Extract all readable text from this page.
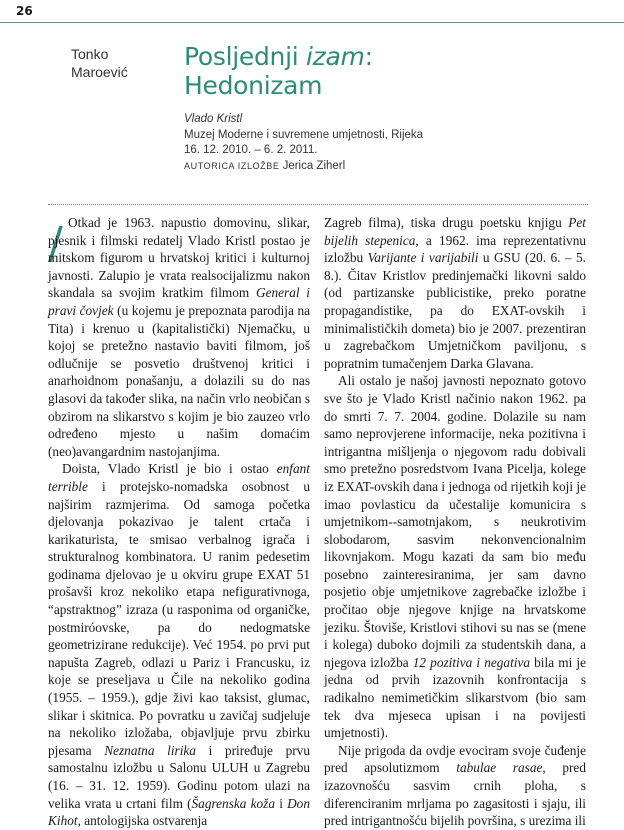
26
Tonko
Maroević
Posljednji izam:
Hedonizam
Vlado Kristl
Muzej Moderne i suvremene umjetnosti, Rijeka
16. 12. 2010. – 6. 2. 2011.
AUTORICA IZLOŽBE Jerica Ziherl
/ Otkad je 1963. napustio domovinu, slikar, pjesnik i filmski redatelj Vlado Kristl postao je mitskom figurom u hrvatskoj kritici i kulturnoj javnosti. Zalupio je vrata realsocijalizmu nakon skandala sa svojim kratkim filmom General i pravi čovjek (u kojemu je prepoznata parodija na Tita) i krenuo u (kapitalistički) Njemačku, u kojoj se pretežno nastavio baviti filmom, još odlučnije se posvetio društvenoj kritici i anarhoidnom ponašanju, a dolazili su do nas glasovi da također slika, na način vrlo neobičan s obzirom na slikarstvo s kojim je bio zauzeo vrlo određeno mjesto u našim domaćim (neo)avangardnim nastojanjima.

Doista, Vlado Kristl je bio i ostao enfant terrible i protejsko-nomadska osobnost u najširim razmjerima. Od samoga početka djelovanja pokazivao je talent crtača i karikaturista, te smisao verbalnog igrača i strukturalnog kombinatora. U ranim pedesetim godinama djelovao je u okviru grupe EXAT 51 prošavši kroz nekoliko etapa nefigurativnoga, “apstraktnog” izraza (u rasponima od organičke, postmiróovske, pa do nedogmatske geometrizirane redukcije). Već 1954. po prvi put napušta Zagreb, odlazi u Pariz i Francusku, iz koje se preseljava u Čile na nekoliko godina (1955. – 1959.), gdje živi kao taksist, glumac, slikar i skitnica. Po povratku u zavičaj sudjeluje na nekoliko izložaba, objavljuje prvu zbirku pjesama Neznatna lirika i priređuje prvu samostalnu izložbu u Salonu ULUH u Zagrebu (16. – 31. 12. 1959). Godinu potom ulazi na velika vrata u crtani film (Šagrenska koža i Don Kihot, antologijska ostvarenja

Zagreb filma), tiska drugu poetsku knjigu Pet bijelih stepenica, a 1962. ima reprezentativnu izložbu Varijante i varijabili u GSU (20. 6. – 5. 8.). Čitav Kristlov predinjemački likovni saldo (od partizanske publicistike, preko poratne propagandistike, pa do EXAT-ovskih i minimalističkih dometa) bio je 2007. prezentiran u zagrebačkom Umjetničkom paviljonu, s popratnim tumačenjem Darka Glavana.

Ali ostalo je našoj javnosti nepoznato gotovo sve što je Vlado Kristl načinio nakon 1962. pa do smrti 7. 7. 2004. godine. Dolazile su nam samo neprovjerene informacije, neka pozitivna i intrigantna mišljenja o njegovom radu dobivali smo pretežno posredstvom Ivana Picelja, kolege iz EXAT-ovskih dana i jednoga od rijetkih koji je imao povlasticu da učestalije komunicira s umjetnikom--samotnjakom, s neukrotivim slobodarom, sasvim nekonvencionalnim likovnjakom. Mogu kazati da sam bio među posebno zainteresiranima, jer sam davno posjetio obje umjetnikove zagrebačke izložbe i pročitao obje njegove knjige na hrvatskome jeziku. Štoviše, Kristlovi stihovi su nas se (mene i kolega) duboko dojmili za studentskih dana, a njegova izložba 12 pozitiva i negativa bila mi je jedna od prvih izazovnih konfrontacija s radikalno nemimetičkim slikarstvom (bio sam tek dva mjeseca upisan i na povijesti umjetnosti).

Nije prigoda da ovdje evociram svoje čuđenje pred apsolutizmom tabulae rasae, pred izazovnošću sasvim crnih ploha, s diferenciranim mrljama po zagasitosti i sjaju, ili pred intrigantnošću bijelih površina, s urezima ili
